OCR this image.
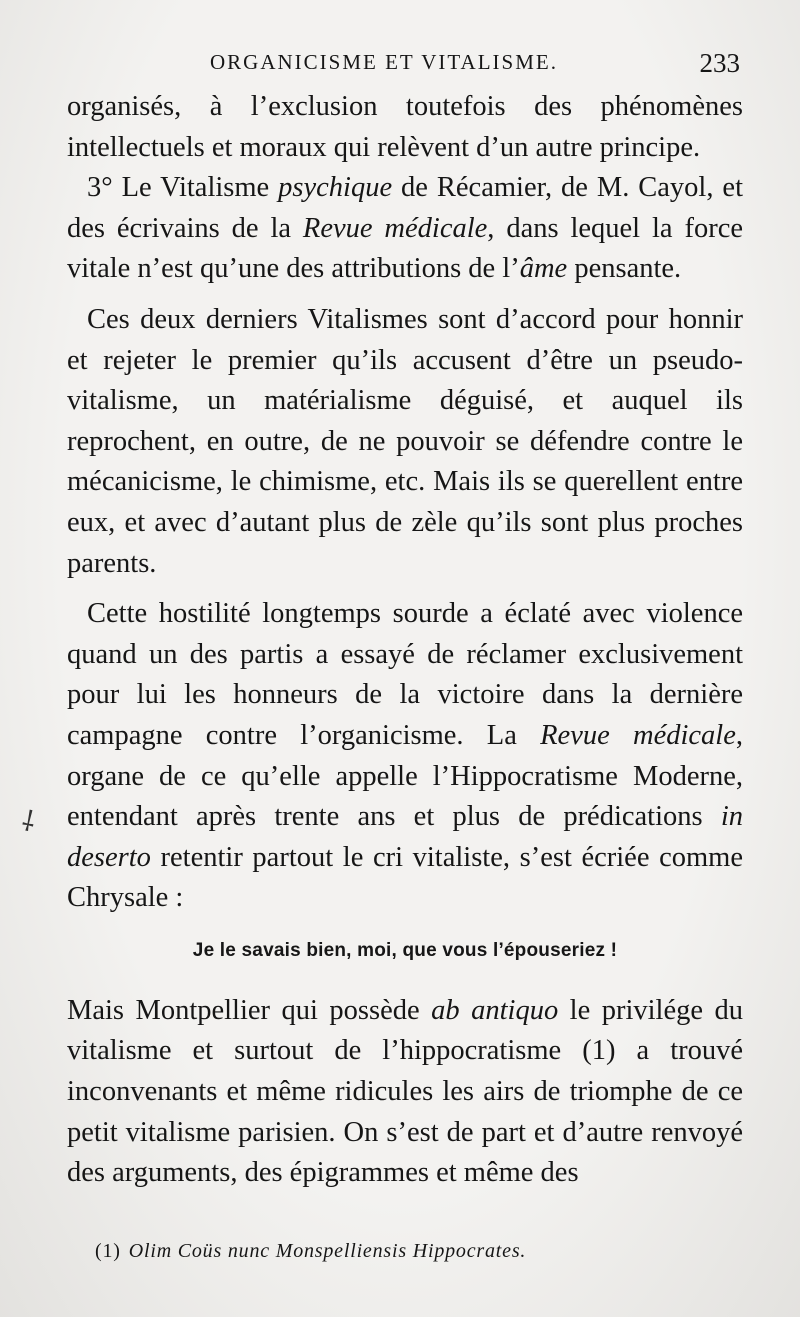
ORGANICISME ET VITALISME.	233

organisés, à l’exclusion toutefois des phénomènes intellectuels et moraux qui relèvent d’un autre principe.

3° Le Vitalisme psychique de Récamier, de M. Cayol, et des écrivains de la Revue médicale, dans lequel la force vitale n’est qu’une des attributions de l’âme pensante.

Ces deux derniers Vitalismes sont d’accord pour honnir et rejeter le premier qu’ils accusent d’être un pseudo-vitalisme, un matérialisme déguisé, et auquel ils reprochent, en outre, de ne pouvoir se défendre contre le mécanicisme, le chimisme, etc. Mais ils se querellent entre eux, et avec d’autant plus de zèle qu’ils sont plus proches parents.

Cette hostilité longtemps sourde a éclaté avec violence quand un des partis a essayé de réclamer exclusivement pour lui les honneurs de la victoire dans la dernière campagne contre l’organicisme. La Revue médicale, organe de ce qu’elle appelle l’Hippocratisme Moderne, entendant après trente ans et plus de prédications in deserto retentir partout le cri vitaliste, s’est écriée comme Chrysale :

Je le savais bien, moi, que vous l’épouseriez !

Mais Montpellier qui possède ab antiquo le privilége du vitalisme et surtout de l’hippocratisme (1) a trouvé inconvenants et même ridicules les airs de triomphe de ce petit vitalisme parisien. On s’est de part et d’autre renvoyé des arguments, des épigrammes et même des

⸸
(1) Olim Coüs nunc Monspelliensis Hippocrates.
